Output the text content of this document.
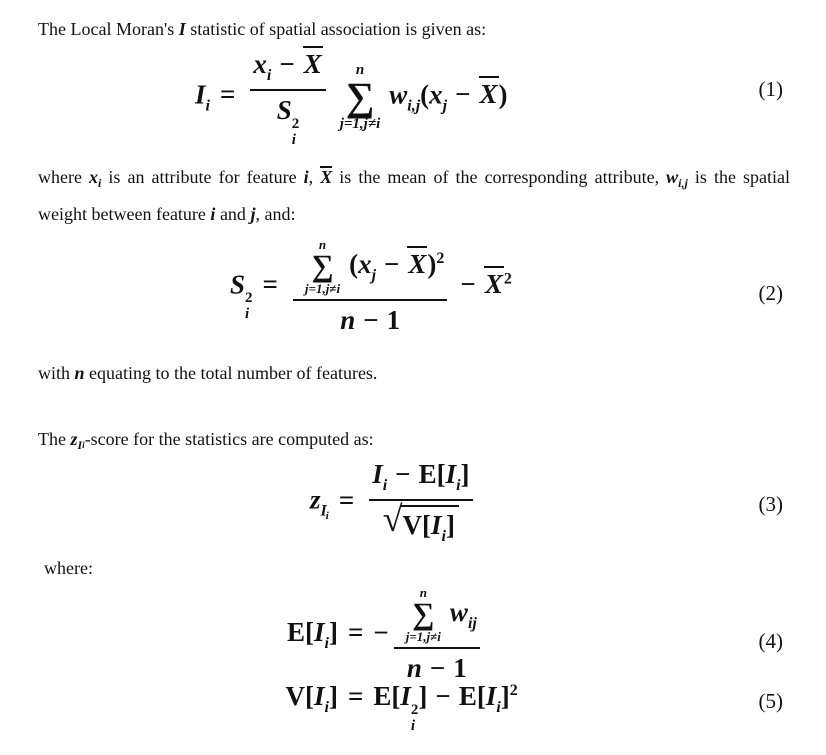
The Local Moran's I statistic of spatial association is given as:
$I_i = x_i - X$
S 2
i n
∑
j=1,j≠i
$w_{i,j}(x_j - X)$	(1)
where $x_i$ is an attribute for feature i, X is the mean of the corresponding attribute, $w_{i,j}$ is the spatial
weight between feature i and j, and:
S 2
i
= n
∑
j=1,j≠i
$(x_j - X)^2$
$n - 1 - X^2$
(2)
with n equating to the total number of features.
The $z_Ii$-score for the statistics are computed as:
$z_{Ii}= \frac{I_i - E[I_i]}{√ V[I_i]}$	(3)
where:
$E[I_i]$ = − n
∑
j=1,j≠i
$w_{ij}$
n − 1	(4)
$V[I_i] = E[I$ 2
i
] − $E[I_i]^2$	(5)
